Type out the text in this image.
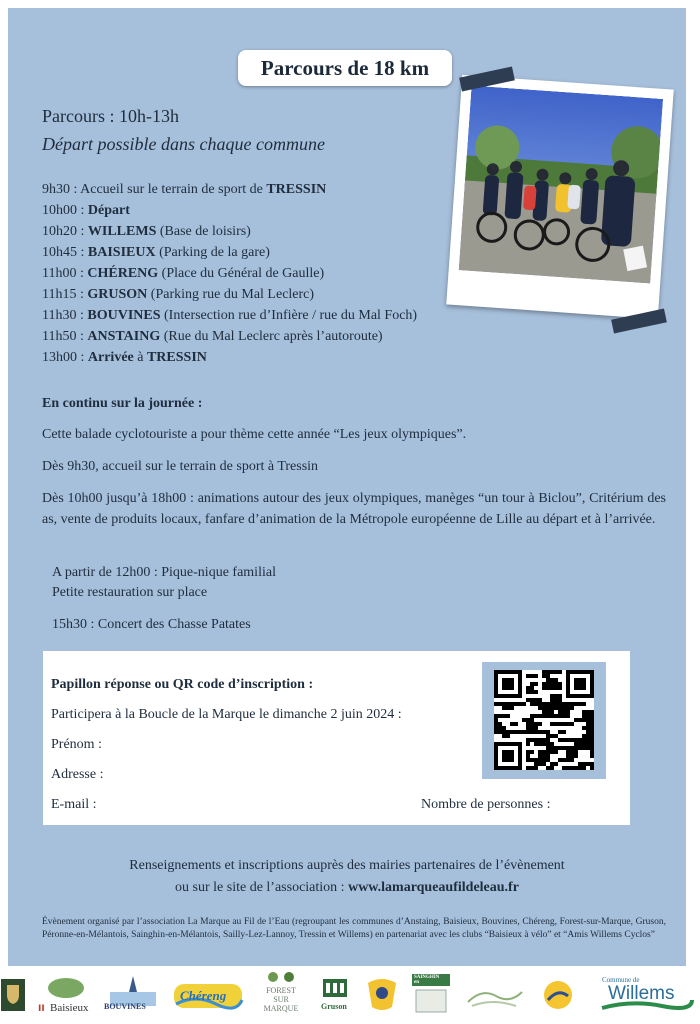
Parcours de 18 km
Parcours : 10h-13h
Départ possible dans chaque commune
9h30 : Accueil sur le terrain de sport de TRESSIN
10h00 : Départ
10h20 : WILLEMS (Base de loisirs)
10h45 : BAISIEUX (Parking de la gare)
11h00 : CHÉRENG (Place du Général de Gaulle)
11h15 : GRUSON (Parking rue du Mal Leclerc)
11h30 : BOUVINES (Intersection rue d’Infière / rue du Mal Foch)
11h50 : ANSTAING (Rue du Mal Leclerc après l’autoroute)
13h00 : Arrivée à TRESSIN
En continu sur la journée :
Cette balade cyclotouriste a pour thème cette année “Les jeux olympiques”.
Dès 9h30, accueil sur le terrain de sport à Tressin
Dès 10h00 jusqu’à 18h00 : animations autour des jeux olympiques, manèges “un tour à Biclou”, Critérium des as, vente de produits locaux, fanfare d’animation de la Métropole européenne de Lille au départ et à l’arrivée.
A partir de 12h00 : Pique-nique familial
Petite restauration sur place
15h30 : Concert des Chasse Patates
Papillon réponse ou QR code d’inscription :
Participera à la Boucle de la Marque le dimanche 2 juin 2024 :
Prénom :
Adresse :
E-mail :	Nombre de personnes :
Renseignements et inscriptions auprès des mairies partenaires de l’évènement
ou sur le site de l’association : www.lamarqueaufildeleau.fr
Évènement organisé par l’association La Marque au Fil de l’Eau (regroupant les communes d’Anstaing, Baisieux, Bouvines, Chéreng, Forest-sur-Marque, Gruson, Péronne-en-Mélantois, Sainghin-en-Mélantois, Sailly-Lez-Lannoy, Tressin et Willems) en partenariat avec les clubs “Baisieux à vélo” et “Amis Willems Cyclos”
ıı Baisieux BOUVINES
Chéreng	FOREST
SUR
MARQUE	Gruson
SAINGHIN
en	Commune de
Willems
